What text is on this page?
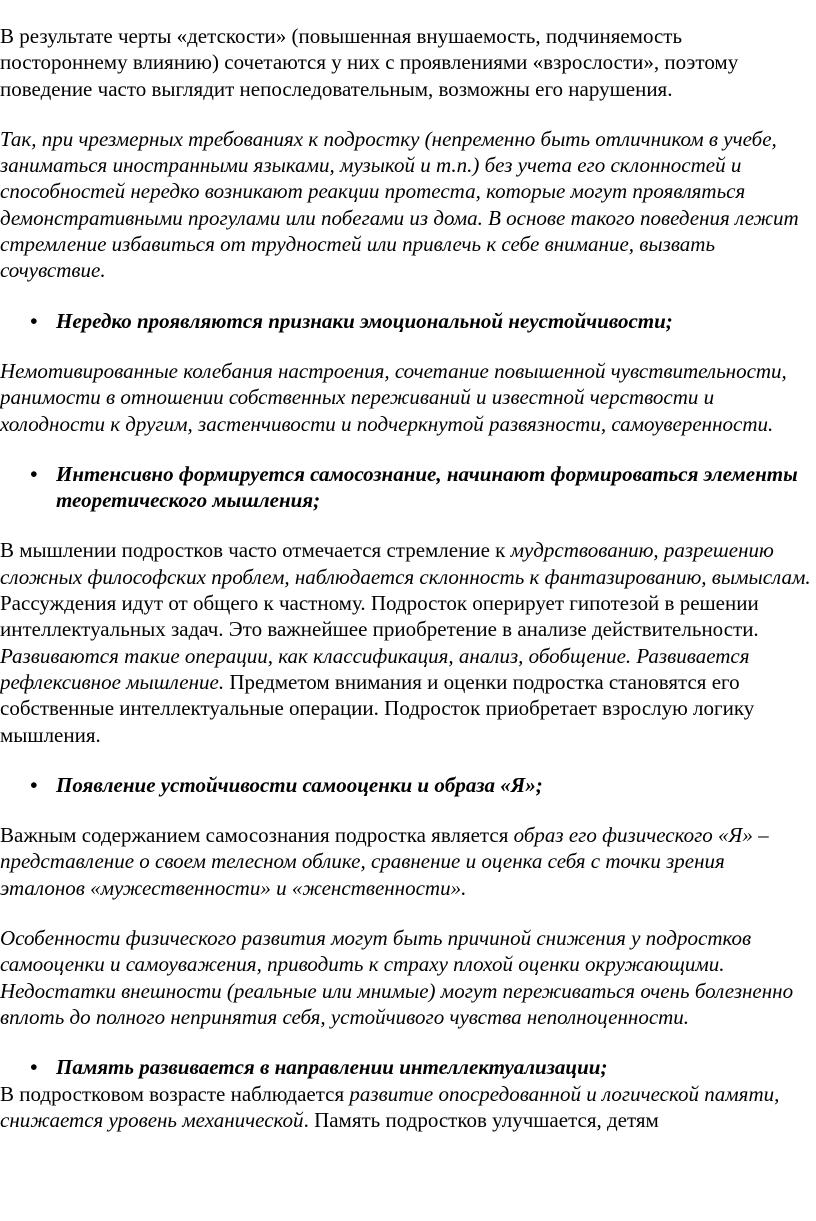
В результате черты «детскости» (повышенная внушаемость, подчиняемость постороннему влиянию) сочетаются у них с проявлениями «взрослости», поэтому поведение часто выглядит непоследовательным, возможны его нарушения.

Так, при чрезмерных требованиях к подростку (непременно быть отличником в учебе, заниматься иностранными языками, музыкой и т.п.) без учета его склонностей и способностей нередко возникают реакции протеста, которые могут проявляться демонстративными прогулами или побегами из дома. В основе такого поведения лежит стремление избавиться от трудностей или привлечь к себе внимание, вызвать сочувствие.

• Нередко проявляются признаки эмоциональной неустойчивости;

Немотивированные колебания настроения, сочетание повышенной чувствительности, ранимости в отношении собственных переживаний и известной черствости и холодности к другим, застенчивости и подчеркнутой развязности, самоуверенности.

• Интенсивно формируется самосознание, начинают формироваться элементы теоретического мышления;

В мышлении подростков часто отмечается стремление к мудрствованию, разрешению сложных философских проблем, наблюдается склонность к фантазированию, вымыслам. Рассуждения идут от общего к частному. Подросток оперирует гипотезой в решении интеллектуальных задач. Это важнейшее приобретение в анализе действительности. Развиваются такие операции, как классификация, анализ, обобщение. Развивается рефлексивное мышление. Предметом внимания и оценки подростка становятся его собственные интеллектуальные операции. Подросток приобретает взрослую логику мышления.

• Появление устойчивости самооценки и образа «Я»;

Важным содержанием самосознания подростка является образ его физического «Я» – представление о своем телесном облике, сравнение и оценка себя с точки зрения эталонов «мужественности» и «женственности».

Особенности физического развития могут быть причиной снижения у подростков самооценки и самоуважения, приводить к страху плохой оценки окружающими. Недостатки внешности (реальные или мнимые) могут переживаться очень болезненно вплоть до полного непринятия себя, устойчивого чувства неполноценности.

• Память развивается в направлении интеллектуализации;

В подростковом возрасте наблюдается развитие опосредованной и логической памяти, снижается уровень механической. Память подростков улучшается, детям
